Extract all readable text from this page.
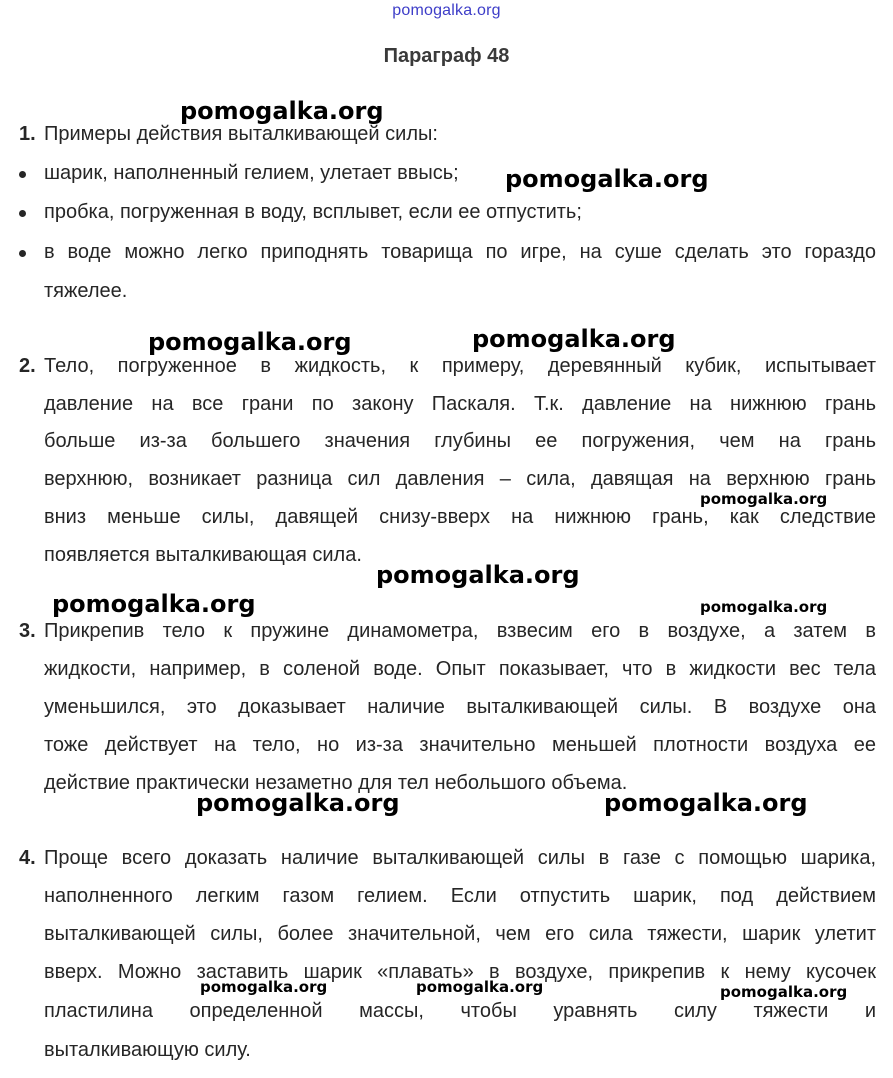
pomogalka.org
Параграф 48
1. Примеры действия выталкивающей силы:
шарик, наполненный гелием, улетает ввысь;
пробка, погруженная в воду, всплывет, если ее отпустить;
в воде можно легко приподнять товарища по игре, на суше сделать это гораздо
тяжелее.
2. Тело, погруженное в жидкость, к примеру, деревянный кубик, испытывает
давление на все грани по закону Паскаля. Т.к. давление на нижнюю грань
больше из-за большего значения глубины ее погружения, чем на грань
верхнюю, возникает разница сил давления – сила, давящая на верхнюю грань
вниз меньше силы, давящей снизу-вверх на нижнюю грань, как следствие
появляется выталкивающая сила.
3. Прикрепив тело к пружине динамометра, взвесим его в воздухе, а затем в
жидкости, например, в соленой воде. Опыт показывает, что в жидкости вес тела
уменьшился, это доказывает наличие выталкивающей силы. В воздухе она
тоже действует на тело, но из-за значительно меньшей плотности воздуха ее
действие практически незаметно для тел небольшого объема.
4. Проще всего доказать наличие выталкивающей силы в газе с помощью шарика,
наполненного легким газом гелием. Если отпустить шарик, под действием
выталкивающей силы, более значительной, чем его сила тяжести, шарик улетит
вверх. Можно заставить шарик «плавать» в воздухе, прикрепив к нему кусочек
пластилина определенной массы, чтобы уравнять силу тяжести и
выталкивающую силу.
pomogalka.org
pomogalka.org
pomogalka.org	pomogalka.org
pomogalka.org
pomogalka.org
pomogalka.org	pomogalka.org
pomogalka.org	pomogalka.org
pomogalka.org	pomogalka.org	pomogalka.org
